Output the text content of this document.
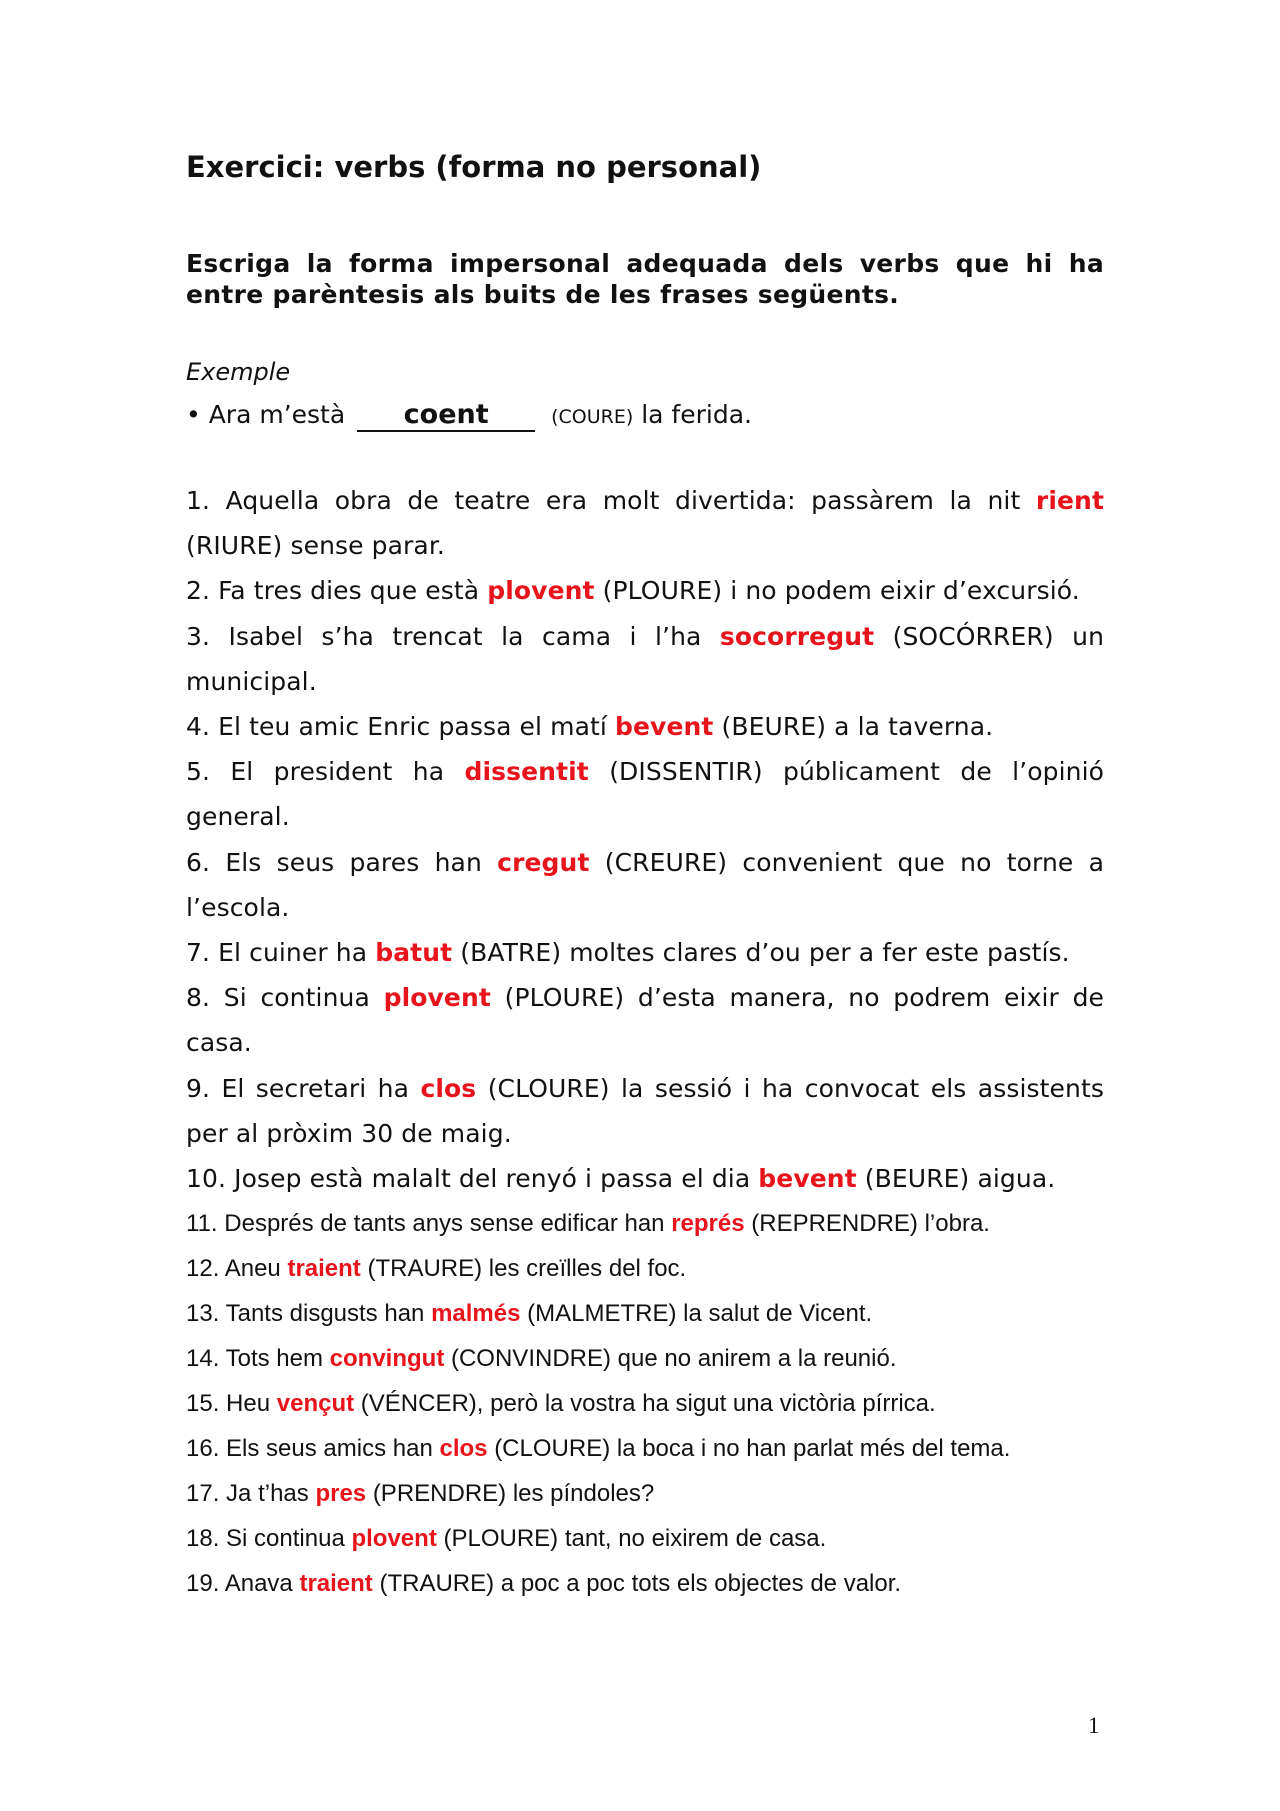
Exercici: verbs (forma no personal)
Escriga la forma impersonal adequada dels verbs que hi ha entre parèntesis als buits de les frases següents.
Exemple
• Ara m’està coent	(COURE) la ferida.

1. Aquella obra de teatre era molt divertida: passàrem la nit rient (RIURE) sense parar.

2. Fa tres dies que està plovent (PLOURE) i no podem eixir d’excursió.

3. Isabel s’ha trencat la cama i l’ha socorregut (SOCÓRRER) un municipal.

4. El teu amic Enric passa el matí bevent (BEURE) a la taverna.

5. El president ha dissentit (DISSENTIR) públicament de l’opinió general.

6. Els seus pares han cregut (CREURE) convenient que no torne a l’escola.

7. El cuiner ha batut (BATRE) moltes clares d’ou per a fer este pastís.

8. Si continua plovent (PLOURE) d’esta manera, no podrem eixir de casa.

9. El secretari ha clos (CLOURE) la sessió i ha convocat els assistents per al pròxim 30 de maig.

10. Josep està malalt del renyó i passa el dia bevent (BEURE) aigua.

11. Després de tants anys sense edificar han représ (REPRENDRE) l’obra.

12. Aneu traient (TRAURE) les creïlles del foc.

13. Tants disgusts han malmés (MALMETRE) la salut de Vicent.

14. Tots hem convingut (CONVINDRE) que no anirem a la reunió.

15. Heu vençut (VÉNCER), però la vostra ha sigut una victòria pírrica.

16. Els seus amics han clos (CLOURE) la boca i no han parlat més del tema.

17. Ja t’has pres (PRENDRE) les píndoles?

18. Si continua plovent (PLOURE) tant, no eixirem de casa.

19. Anava traient (TRAURE) a poc a poc tots els objectes de valor.

1
